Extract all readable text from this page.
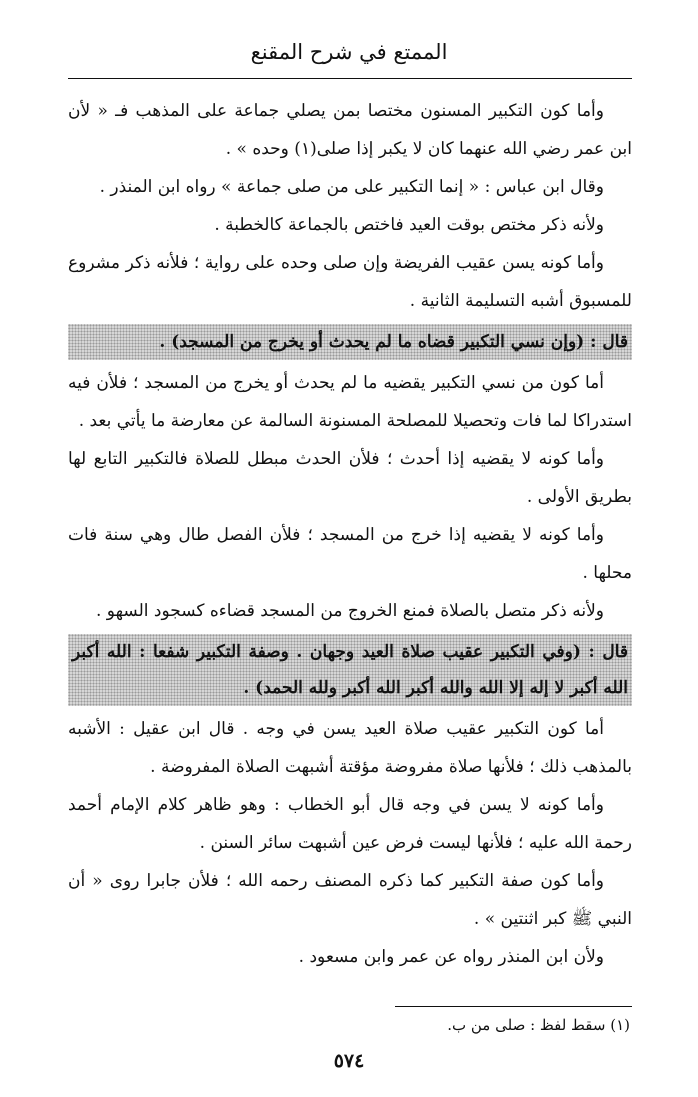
الممتع في شرح المقنع

وأما كون التكبير المسنون مختصا بمن يصلي جماعة على المذهب فـ « لأن ابن عمر رضي الله عنهما كان لا يكبر إذا صلى(١) وحده » .

وقال ابن عباس : « إنما التكبير على من صلى جماعة » رواه ابن المنذر .

ولأنه ذكر مختص بوقت العيد فاختص بالجماعة كالخطبة .

وأما كونه يسن عقيب الفريضة وإن صلى وحده على رواية ؛ فلأنه ذكر مشروع للمسبوق أشبه التسليمة الثانية .

قال : (وإن نسي التكبير قضاه ما لم يحدث أو يخرج من المسجد) .

أما كون من نسي التكبير يقضيه ما لم يحدث أو يخرج من المسجد ؛ فلأن فيه استدراكا لما فات وتحصيلا للمصلحة المسنونة السالمة عن معارضة ما يأتي بعد .

وأما كونه لا يقضيه إذا أحدث ؛ فلأن الحدث مبطل للصلاة فالتكبير التابع لها بطريق الأولى .

وأما كونه لا يقضيه إذا خرج من المسجد ؛ فلأن الفصل طال وهي سنة فات محلها .

ولأنه ذكر متصل بالصلاة فمنع الخروج من المسجد قضاءه كسجود السهو .

قال : (وفي التكبير عقيب صلاة العيد وجهان . وصفة التكبير شفعا : الله أكبر الله أكبر لا إله إلا الله والله أكبر الله أكبر ولله الحمد) .

أما كون التكبير عقيب صلاة العيد يسن في وجه . قال ابن عقيل : الأشبه بالمذهب ذلك ؛ فلأنها صلاة مفروضة مؤقتة أشبهت الصلاة المفروضة .

وأما كونه لا يسن في وجه قال أبو الخطاب : وهو ظاهر كلام الإمام أحمد رحمة الله عليه ؛ فلأنها ليست فرض عين أشبهت سائر السنن .

وأما كون صفة التكبير كما ذكره المصنف رحمه الله ؛ فلأن جابرا روى « أن النبي ﷺ كبر اثنتين » .

ولأن ابن المنذر رواه عن عمر وابن مسعود .

(١) سقط لفظ : صلى من ب.
٥٧٤
